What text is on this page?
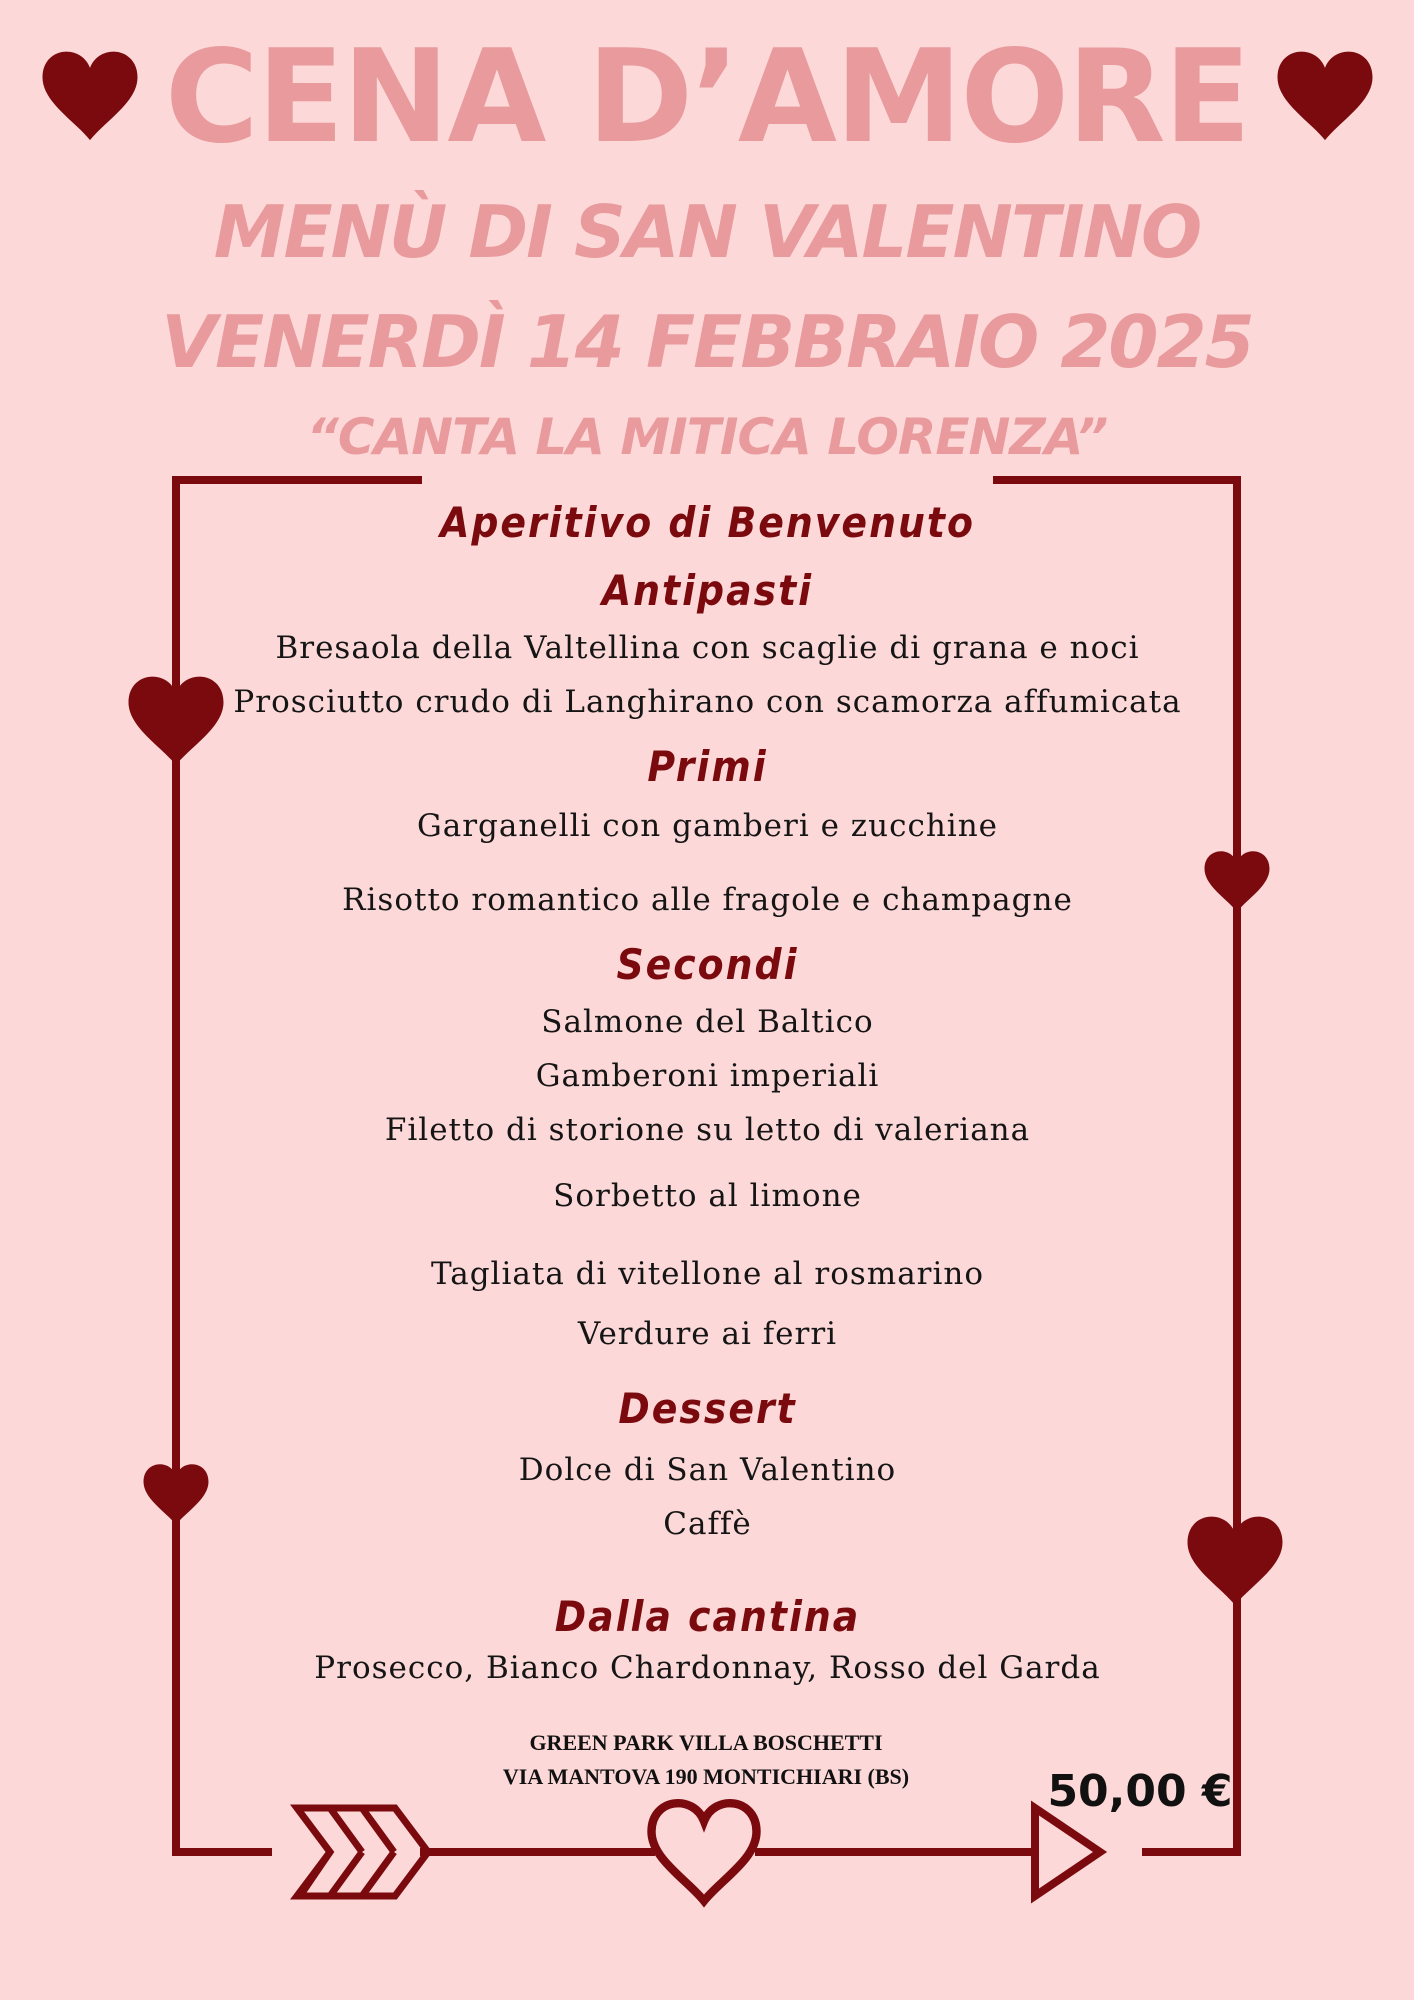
CENA D’AMORE
MENÙ DI SAN VALENTINO
VENERDÌ 14 FEBBRAIO 2025
“CANTA LA MITICA LORENZA”
Aperitivo di Benvenuto
Antipasti
Bresaola della Valtellina con scaglie di grana e noci
Prosciutto crudo di Langhirano con scamorza affumicata
Primi
Garganelli con gamberi e zucchine
Risotto romantico alle fragole e champagne
Secondi
Salmone del Baltico
Gamberoni imperiali
Filetto di storione su letto di valeriana
Sorbetto al limone
Tagliata di vitellone al rosmarino
Verdure ai ferri
Dessert
Dolce di San Valentino
Caffè
Dalla cantina
Prosecco, Bianco Chardonnay, Rosso del Garda
GREEN PARK VILLA BOSCHETTI
VIA MANTOVA 190 MONTICHIARI (BS)	50,00 €
